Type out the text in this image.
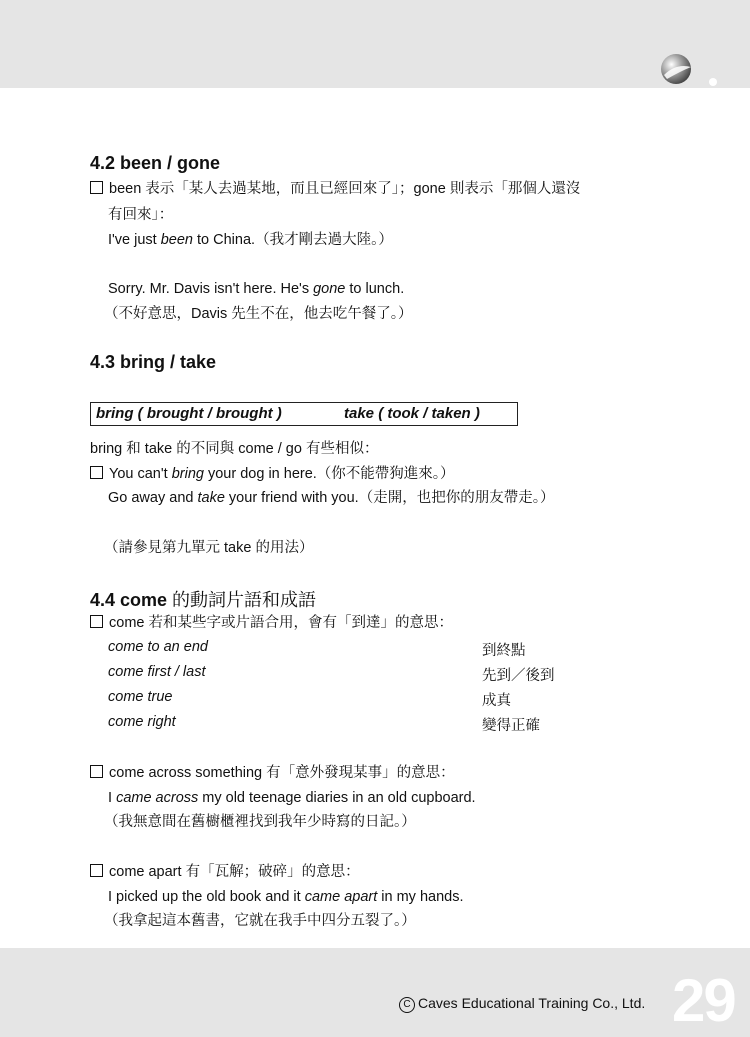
4.2 been / gone
been 表示「某人去過某地，而且已經回來了」；gone 則表示「那個人還沒
有回來」：
I've just been to China.（我才剛去過大陸。）
Sorry. Mr. Davis isn't here. He's gone to lunch.
（不好意思，Davis 先生不在，他去吃午餐了。）
4.3 bring / take
bring ( brought / brought )	take ( took / taken )
bring 和 take 的不同與 come / go 有些相似：
You can't bring your dog in here.（你不能帶狗進來。）
Go away and take your friend with you.（走開，也把你的朋友帶走。）
（請參見第九單元 take 的用法）
4.4 come 的動詞片語和成語
come 若和某些字或片語合用，會有「到達」的意思：
come to an end	到終點
come first / last	先到／後到
come true	成真
come right	變得正確
come across something 有「意外發現某事」的意思：
I came across my old teenage diaries in an old cupboard.
（我無意間在舊櫥櫃裡找到我年少時寫的日記。）
come apart 有「瓦解；破碎」的意思：
I picked up the old book and it came apart in my hands.
（我拿起這本舊書，它就在我手中四分五裂了。）
C Caves Educational Training Co., Ltd. 29
